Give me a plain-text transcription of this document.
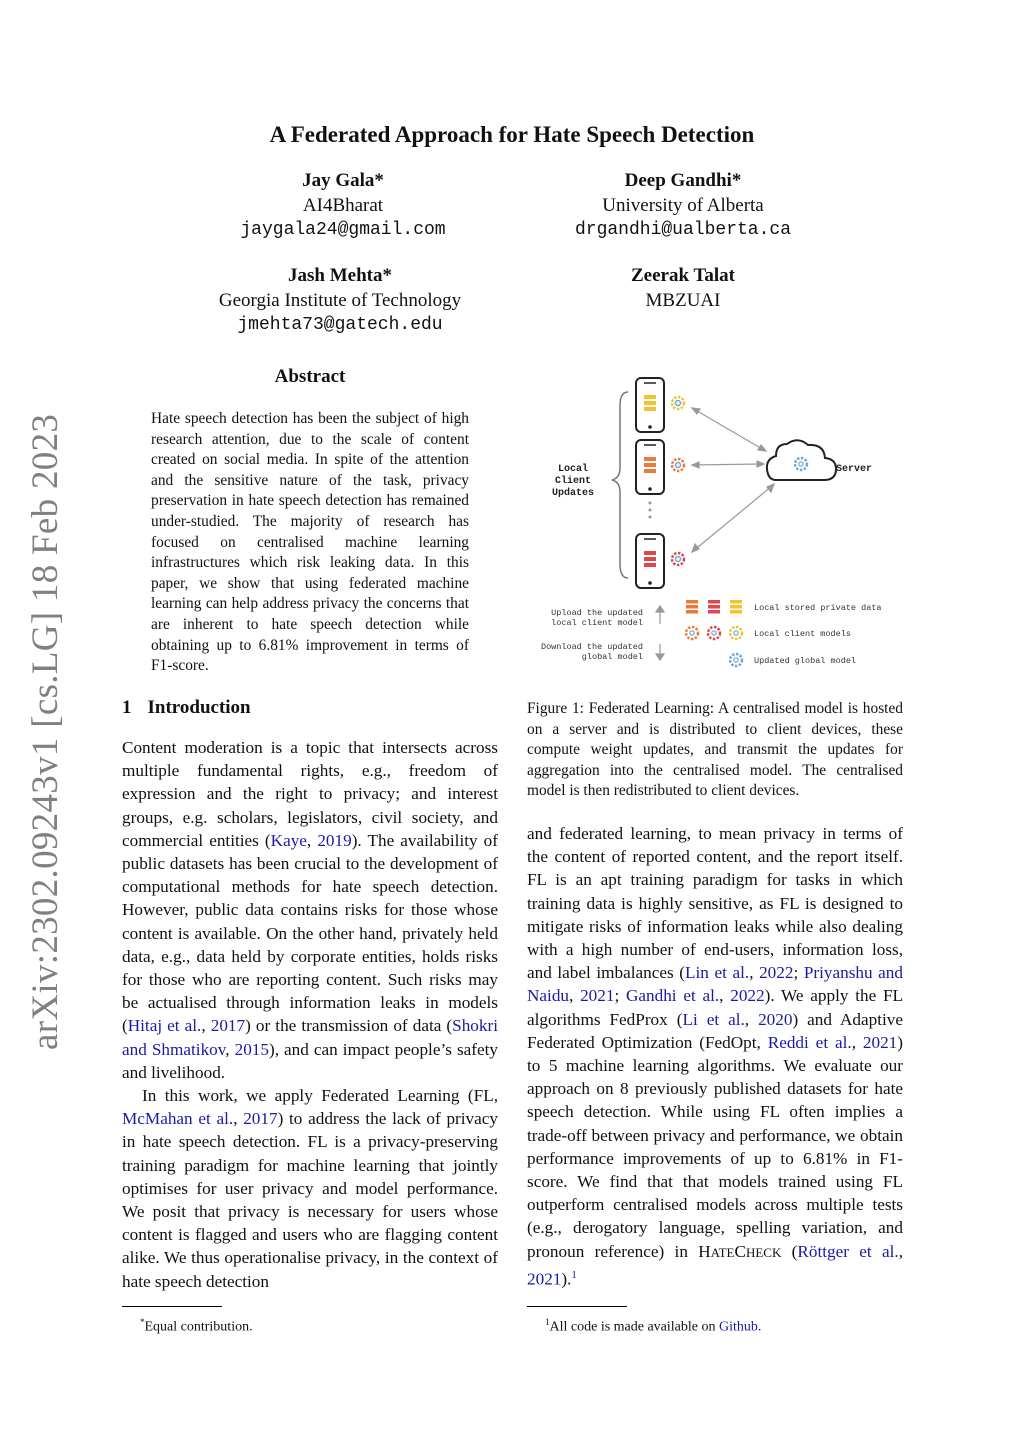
arXiv:2302.09243v1 [cs.LG] 18 Feb 2023
A Federated Approach for Hate Speech Detection
Jay Gala*
AI4Bharat
jaygala24@gmail.com
Deep Gandhi*
University of Alberta
drgandhi@ualberta.ca
Jash Mehta*
Georgia Institute of Technology
jmehta73@gatech.edu
Zeerak Talat
MBZUAI
Abstract
Hate speech detection has been the subject of high research attention, due to the scale of content created on social media. In spite of the attention and the sensitive nature of the task, privacy preservation in hate speech detection has remained under-studied. The majority of research has focused on centralised machine learning infrastructures which risk leaking data. In this paper, we show that using federated machine learning can help address privacy the concerns that are inherent to hate speech detection while obtaining up to 6.81% improvement in terms of F1-score.
1 Introduction

Content moderation is a topic that intersects across multiple fundamental rights, e.g., freedom of expression and the right to privacy; and interest groups, e.g. scholars, legislators, civil society, and commercial entities (Kaye, 2019). The availability of public datasets has been crucial to the development of computational methods for hate speech detection. However, public data contains risks for those whose content is available. On the other hand, privately held data, e.g., data held by corporate entities, holds risks for those who are reporting content. Such risks may be actualised through information leaks in models (Hitaj et al., 2017) or the transmission of data (Shokri and Shmatikov, 2015), and can impact people’s safety and livelihood.

In this work, we apply Federated Learning (FL, McMahan et al., 2017) to address the lack of privacy in hate speech detection. FL is a privacy-preserving training paradigm for machine learning that jointly optimises for user privacy and model performance. We posit that privacy is necessary for users whose content is flagged and users who are flagging content alike. We thus operationalise privacy, in the context of hate speech detection

*Equal contribution.
Local
Client
Updates
Server
Upload the updated
local client model
Download the updated
global model
Local stored private data
Local client models
Updated global model
Figure 1: Federated Learning: A centralised model is hosted on a server and is distributed to client devices, these compute weight updates, and transmit the updates for aggregation into the centralised model. The centralised model is then redistributed to client devices.

and federated learning, to mean privacy in terms of the content of reported content, and the report itself. FL is an apt training paradigm for tasks in which training data is highly sensitive, as FL is designed to mitigate risks of information leaks while also dealing with a high number of end-users, information loss, and label imbalances (Lin et al., 2022; Priyanshu and Naidu, 2021; Gandhi et al., 2022). We apply the FL algorithms FedProx (Li et al., 2020) and Adaptive Federated Optimization (FedOpt, Reddi et al., 2021) to 5 machine learning algorithms. We evaluate our approach on 8 previously published datasets for hate speech detection. While using FL often implies a trade-off between privacy and performance, we obtain performance improvements of up to 6.81% in F1-score. We find that that models trained using FL outperform centralised models across multiple tests (e.g., derogatory language, spelling variation, and pronoun reference) in HATECHECK (Röttger et al., 2021).$^1$

$^1$All code is made available on Github.
